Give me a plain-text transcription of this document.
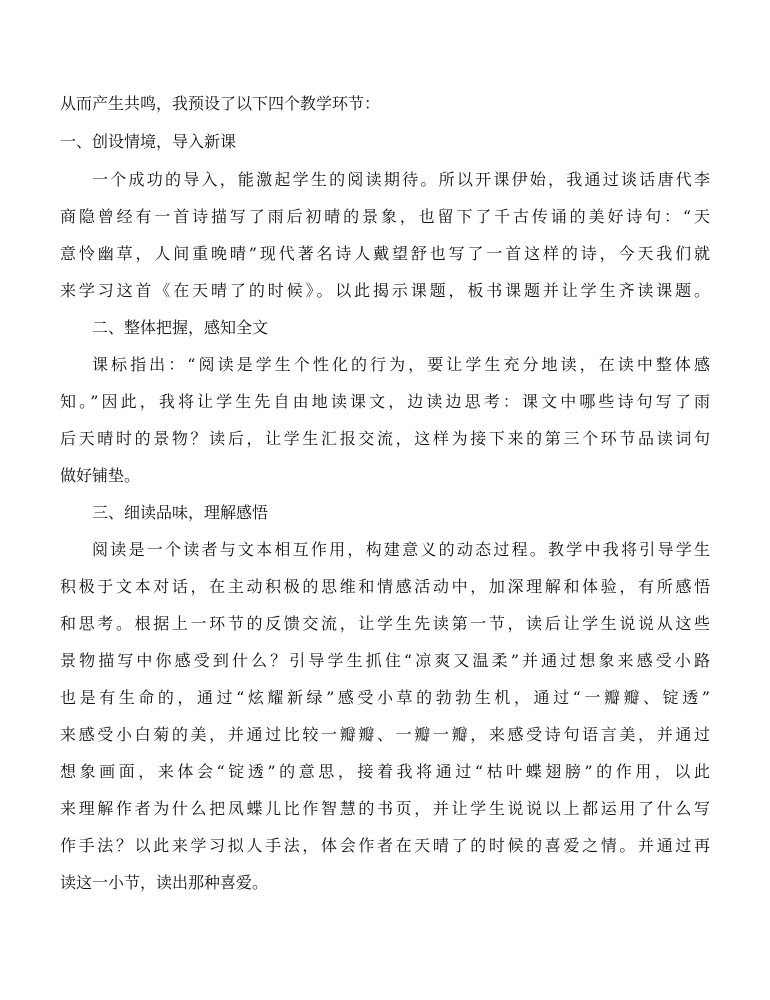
从而产生共鸣，我预设了以下四个教学环节：
一、创设情境，导入新课
一个成功的导入，能激起学生的阅读期待。所以开课伊始，我通过谈话唐代李
商隐曾经有一首诗描写了雨后初晴的景象，也留下了千古传诵的美好诗句：“天
意怜幽草，人间重晚晴”现代著名诗人戴望舒也写了一首这样的诗，今天我们就
来学习这首《在天晴了的时候》。以此揭示课题，板书课题并让学生齐读课题。
二、整体把握，感知全文
课标指出：“阅读是学生个性化的行为，要让学生充分地读，在读中整体感
知。”因此，我将让学生先自由地读课文，边读边思考：课文中哪些诗句写了雨
后天晴时的景物？读后，让学生汇报交流，这样为接下来的第三个环节品读词句
做好铺垫。
三、细读品味，理解感悟
阅读是一个读者与文本相互作用，构建意义的动态过程。教学中我将引导学生
积极于文本对话，在主动积极的思维和情感活动中，加深理解和体验，有所感悟
和思考。根据上一环节的反馈交流，让学生先读第一节，读后让学生说说从这些
景物描写中你感受到什么？引导学生抓住“凉爽又温柔”并通过想象来感受小路
也是有生命的，通过“炫耀新绿”感受小草的勃勃生机，通过“一瓣瓣、锭透”
来感受小白菊的美，并通过比较一瓣瓣、一瓣一瓣，来感受诗句语言美，并通过
想象画面，来体会“锭透”的意思，接着我将通过“枯叶蝶翅膀”的作用，以此
来理解作者为什么把凤蝶儿比作智慧的书页，并让学生说说以上都运用了什么写
作手法？以此来学习拟人手法，体会作者在天晴了的时候的喜爱之情。并通过再
读这一小节，读出那种喜爱。
